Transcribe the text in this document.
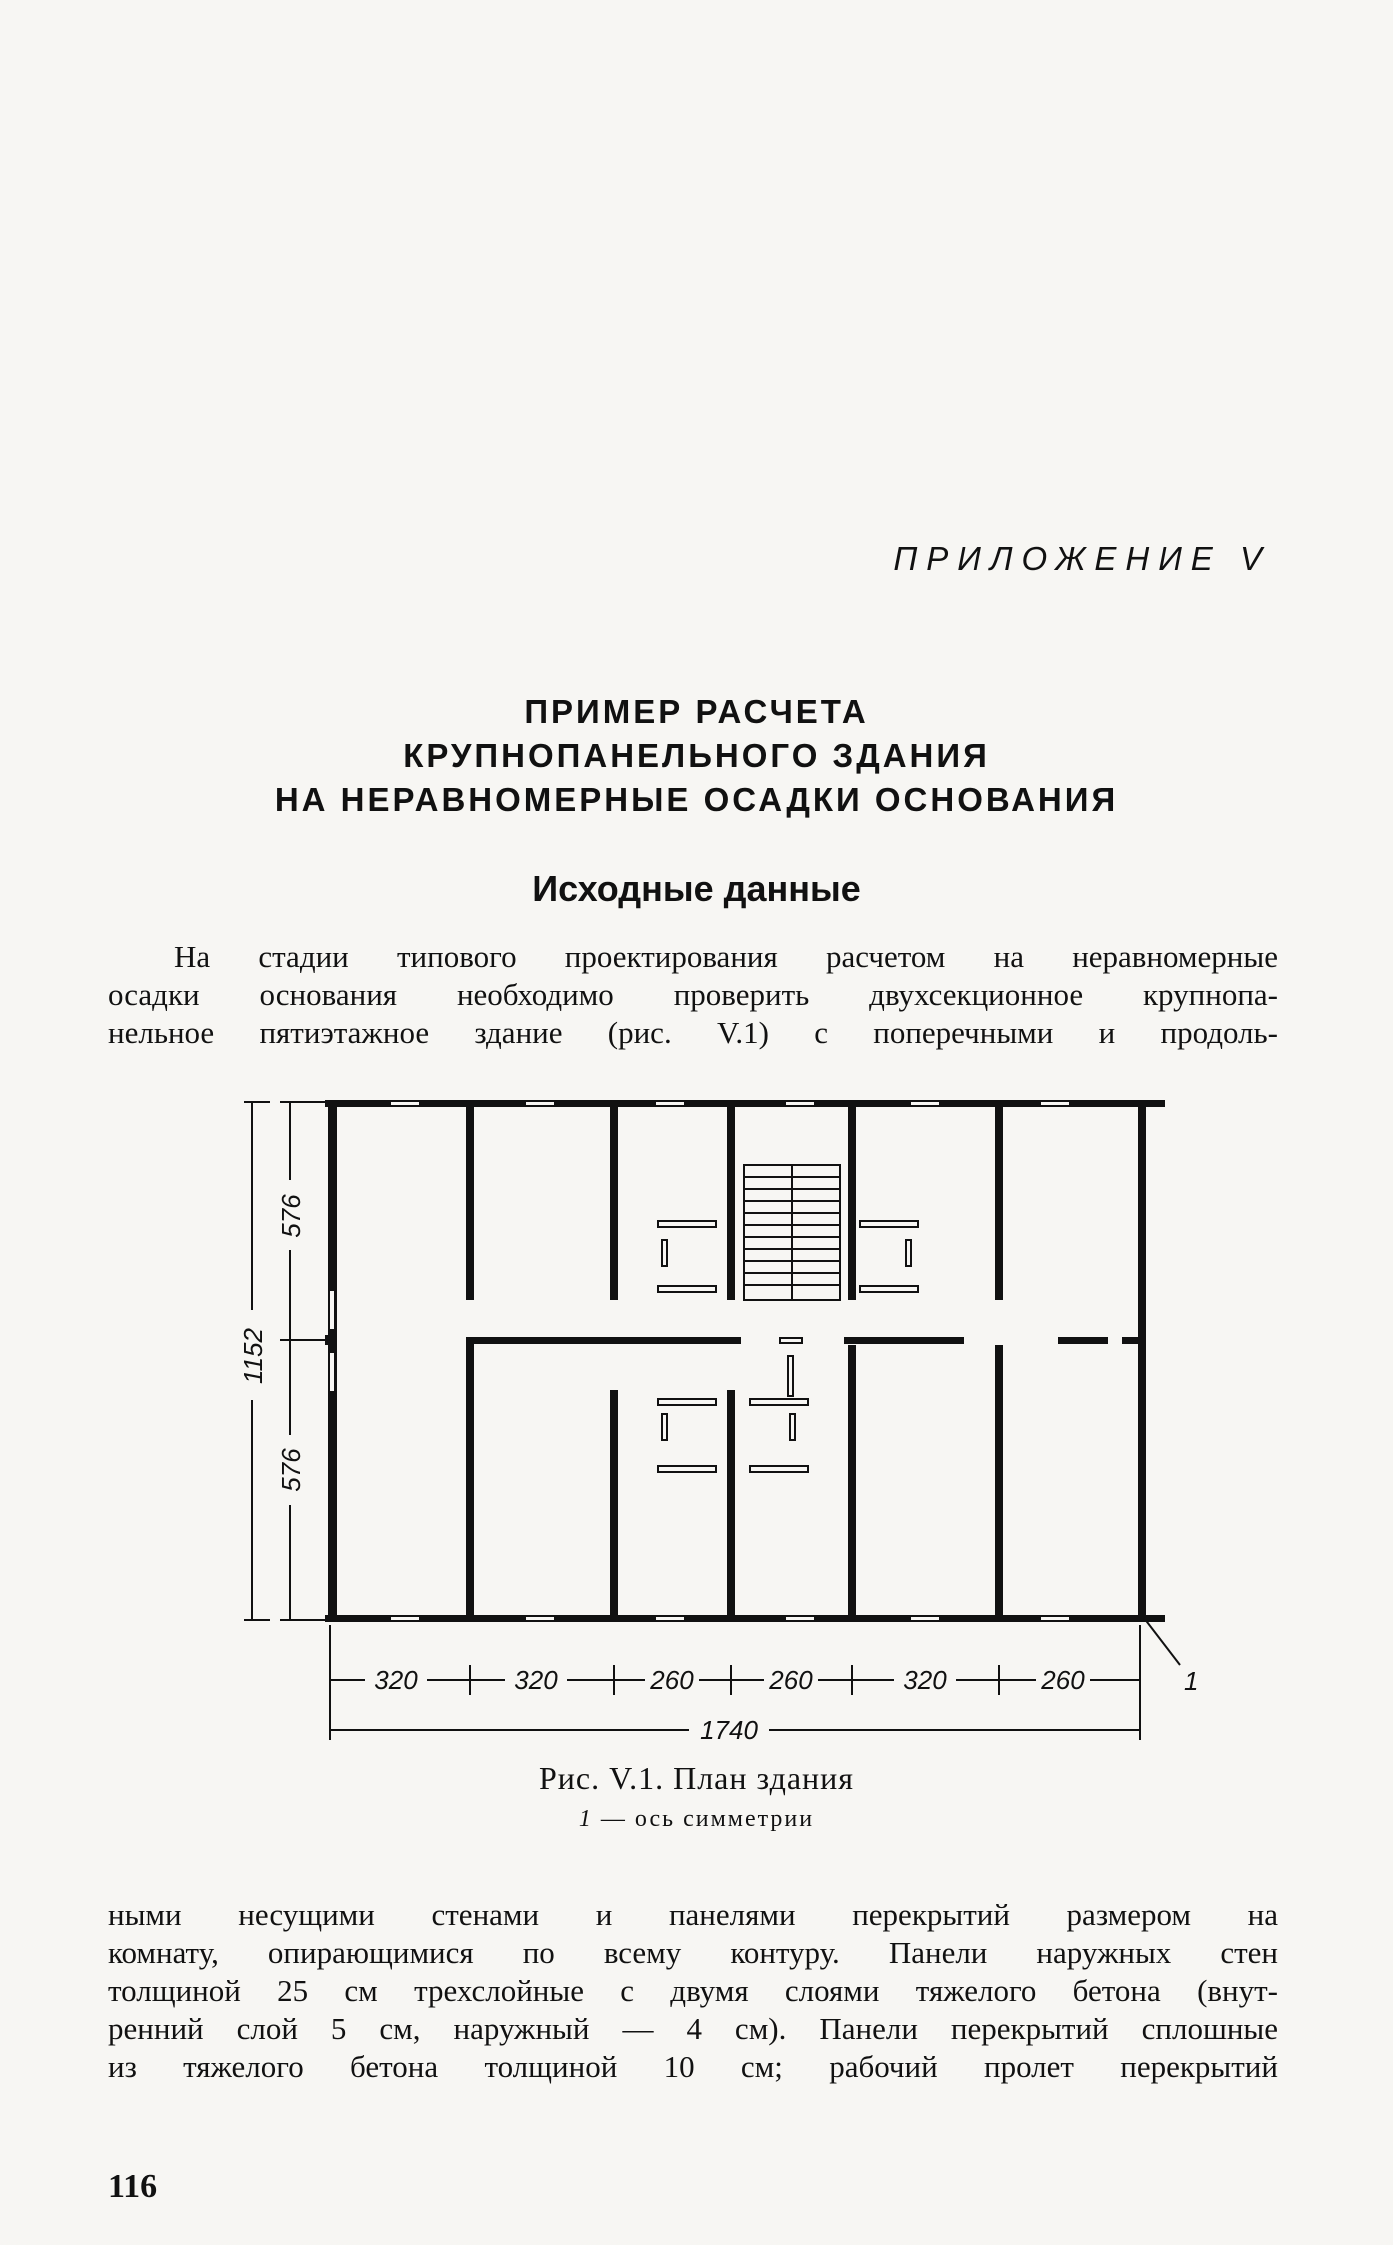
ПРИЛОЖЕНИЕ V
ПРИМЕР РАСЧЕТА
КРУПНОПАНЕЛЬНОГО ЗДАНИЯ
НА НЕРАВНОМЕРНЫЕ ОСАДКИ ОСНОВАНИЯ
Исходные данные
На стадии типового проектирования расчетом на неравномерные
осадки основания необходимо проверить двухсекционное крупнопа-
нельное пятиэтажное здание (рис. V.1) с поперечными и продоль-
576
1152
576
320	320	260	260	320	260
1740
1
Рис. V.1. План здания
1 — ось симметрии
ными несущими стенами и панелями перекрытий размером на
комнату, опирающимися по всему контуру. Панели наружных стен
толщиной 25 см трехслойные с двумя слоями тяжелого бетона (внут-
ренний слой 5 см, наружный — 4 см). Панели перекрытий сплошные
из тяжелого бетона толщиной 10 см; рабочий пролет перекрытий
116
